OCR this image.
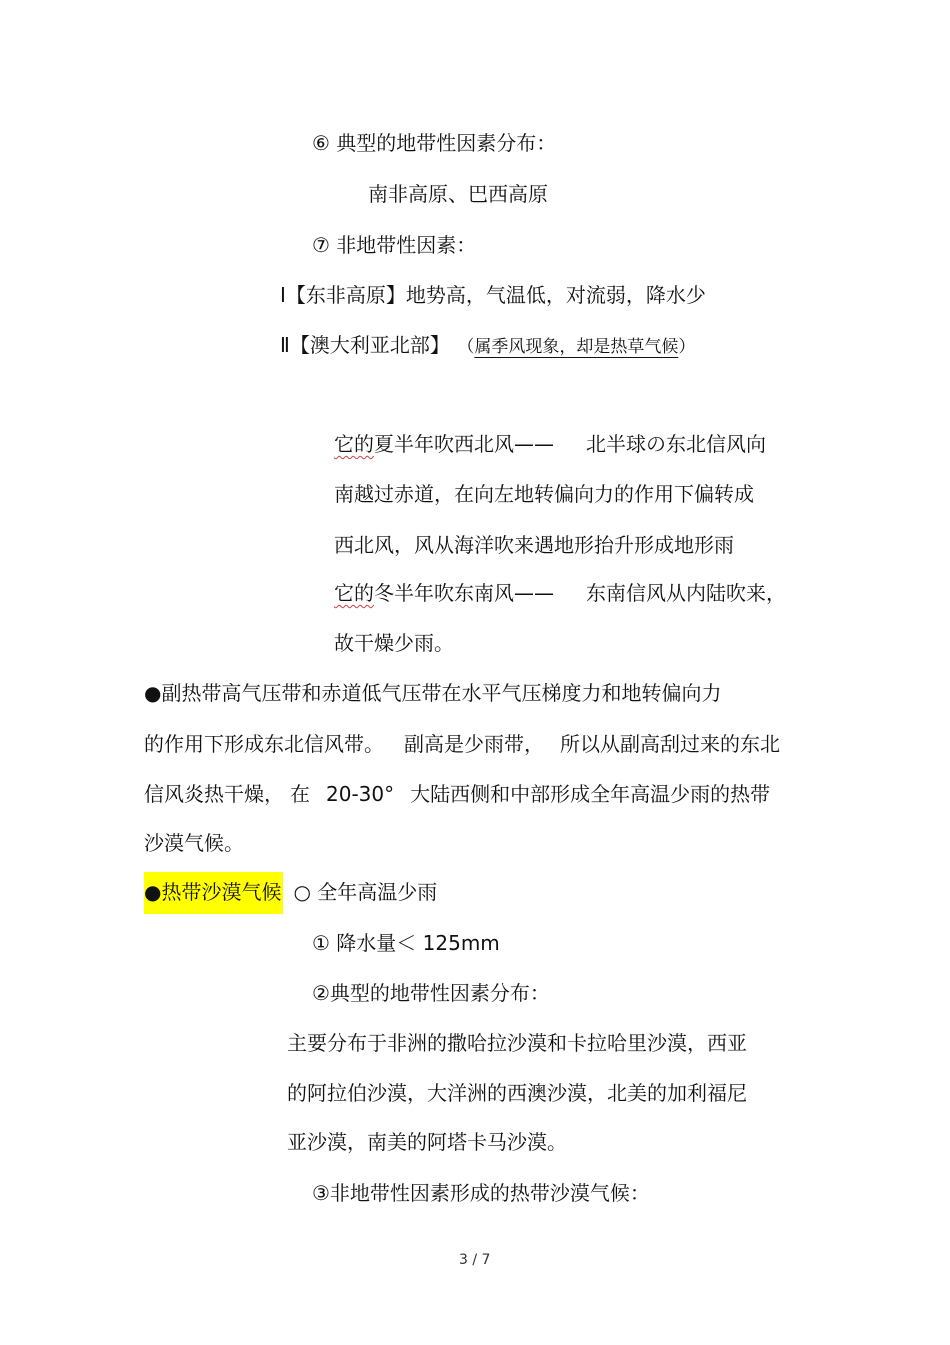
⑥ 典型的地带性因素分布：
南非高原、巴西高原
⑦ 非地带性因素：
Ⅰ【东非高原】地势高，气温低，对流弱，降水少
Ⅱ【澳大利亚北部】 （属季风现象，却是热草气候）
它的夏半年吹西北风—— 北半球の东北信风向
南越过赤道，在向左地转偏向力的作用下偏转成
西北风，风从海洋吹来遇地形抬升形成地形雨
它的冬半年吹东南风—— 东南信风从内陆吹来，
故干燥少雨。
●副热带高气压带和赤道低气压带在水平气压梯度力和地转偏向力
的作用下形成东北信风带。 副高是少雨带， 所以从副高刮过来的东北
信风炎热干燥， 在 20-30° 大陆西侧和中部形成全年高温少雨的热带
沙漠气候。
●热带沙漠气候 ○ 全年高温少雨
① 降水量＜ 125mm
②典型的地带性因素分布：
主要分布于非洲的撒哈拉沙漠和卡拉哈里沙漠，西亚
的阿拉伯沙漠，大洋洲的西澳沙漠，北美的加利福尼
亚沙漠，南美的阿塔卡马沙漠。
③非地带性因素形成的热带沙漠气候：
3 / 7
